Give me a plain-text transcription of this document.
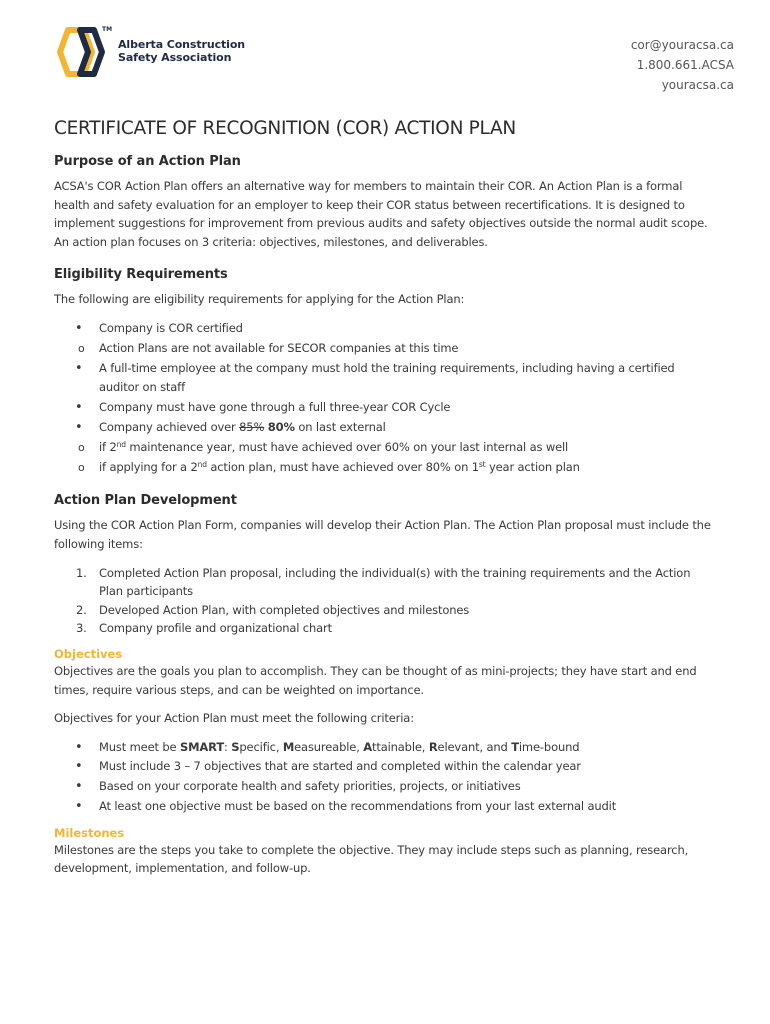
TM
Alberta Construction
Safety Association
cor@youracsa.ca
1.800.661.ACSA
youracsa.ca
CERTIFICATE OF RECOGNITION (COR) ACTION PLAN
Purpose of an Action Plan

ACSA's COR Action Plan offers an alternative way for members to maintain their COR. An Action Plan is a formal health and safety evaluation for an employer to keep their COR status between recertifications. It is designed to implement suggestions for improvement from previous audits and safety objectives outside the normal audit scope. An action plan focuses on 3 criteria: objectives, milestones, and deliverables.

Eligibility Requirements

The following are eligibility requirements for applying for the Action Plan:

• Company is COR certified
o Action Plans are not available for SECOR companies at this time
• A full-time employee at the company must hold the training requirements, including having a certified auditor on staff
• Company must have gone through a full three-year COR Cycle
• Company achieved over 85% 80% on last external
o if 2nd maintenance year, must have achieved over 60% on your last internal as well
o if applying for a 2nd action plan, must have achieved over 80% on 1st year action plan
Action Plan Development

Using the COR Action Plan Form, companies will develop their Action Plan. The Action Plan proposal must include the following items:

1. Completed Action Plan proposal, including the individual(s) with the training requirements and the Action Plan participants
2. Developed Action Plan, with completed objectives and milestones
3. Company profile and organizational chart
Objectives

Objectives are the goals you plan to accomplish. They can be thought of as mini-projects; they have start and end times, require various steps, and can be weighted on importance.

Objectives for your Action Plan must meet the following criteria:

• Must meet be SMART: Specific, Measureable, Attainable, Relevant, and Time-bound
• Must include 3 – 7 objectives that are started and completed within the calendar year
• Based on your corporate health and safety priorities, projects, or initiatives
• At least one objective must be based on the recommendations from your last external audit
Milestones

Milestones are the steps you take to complete the objective. They may include steps such as planning, research, development, implementation, and follow-up.
